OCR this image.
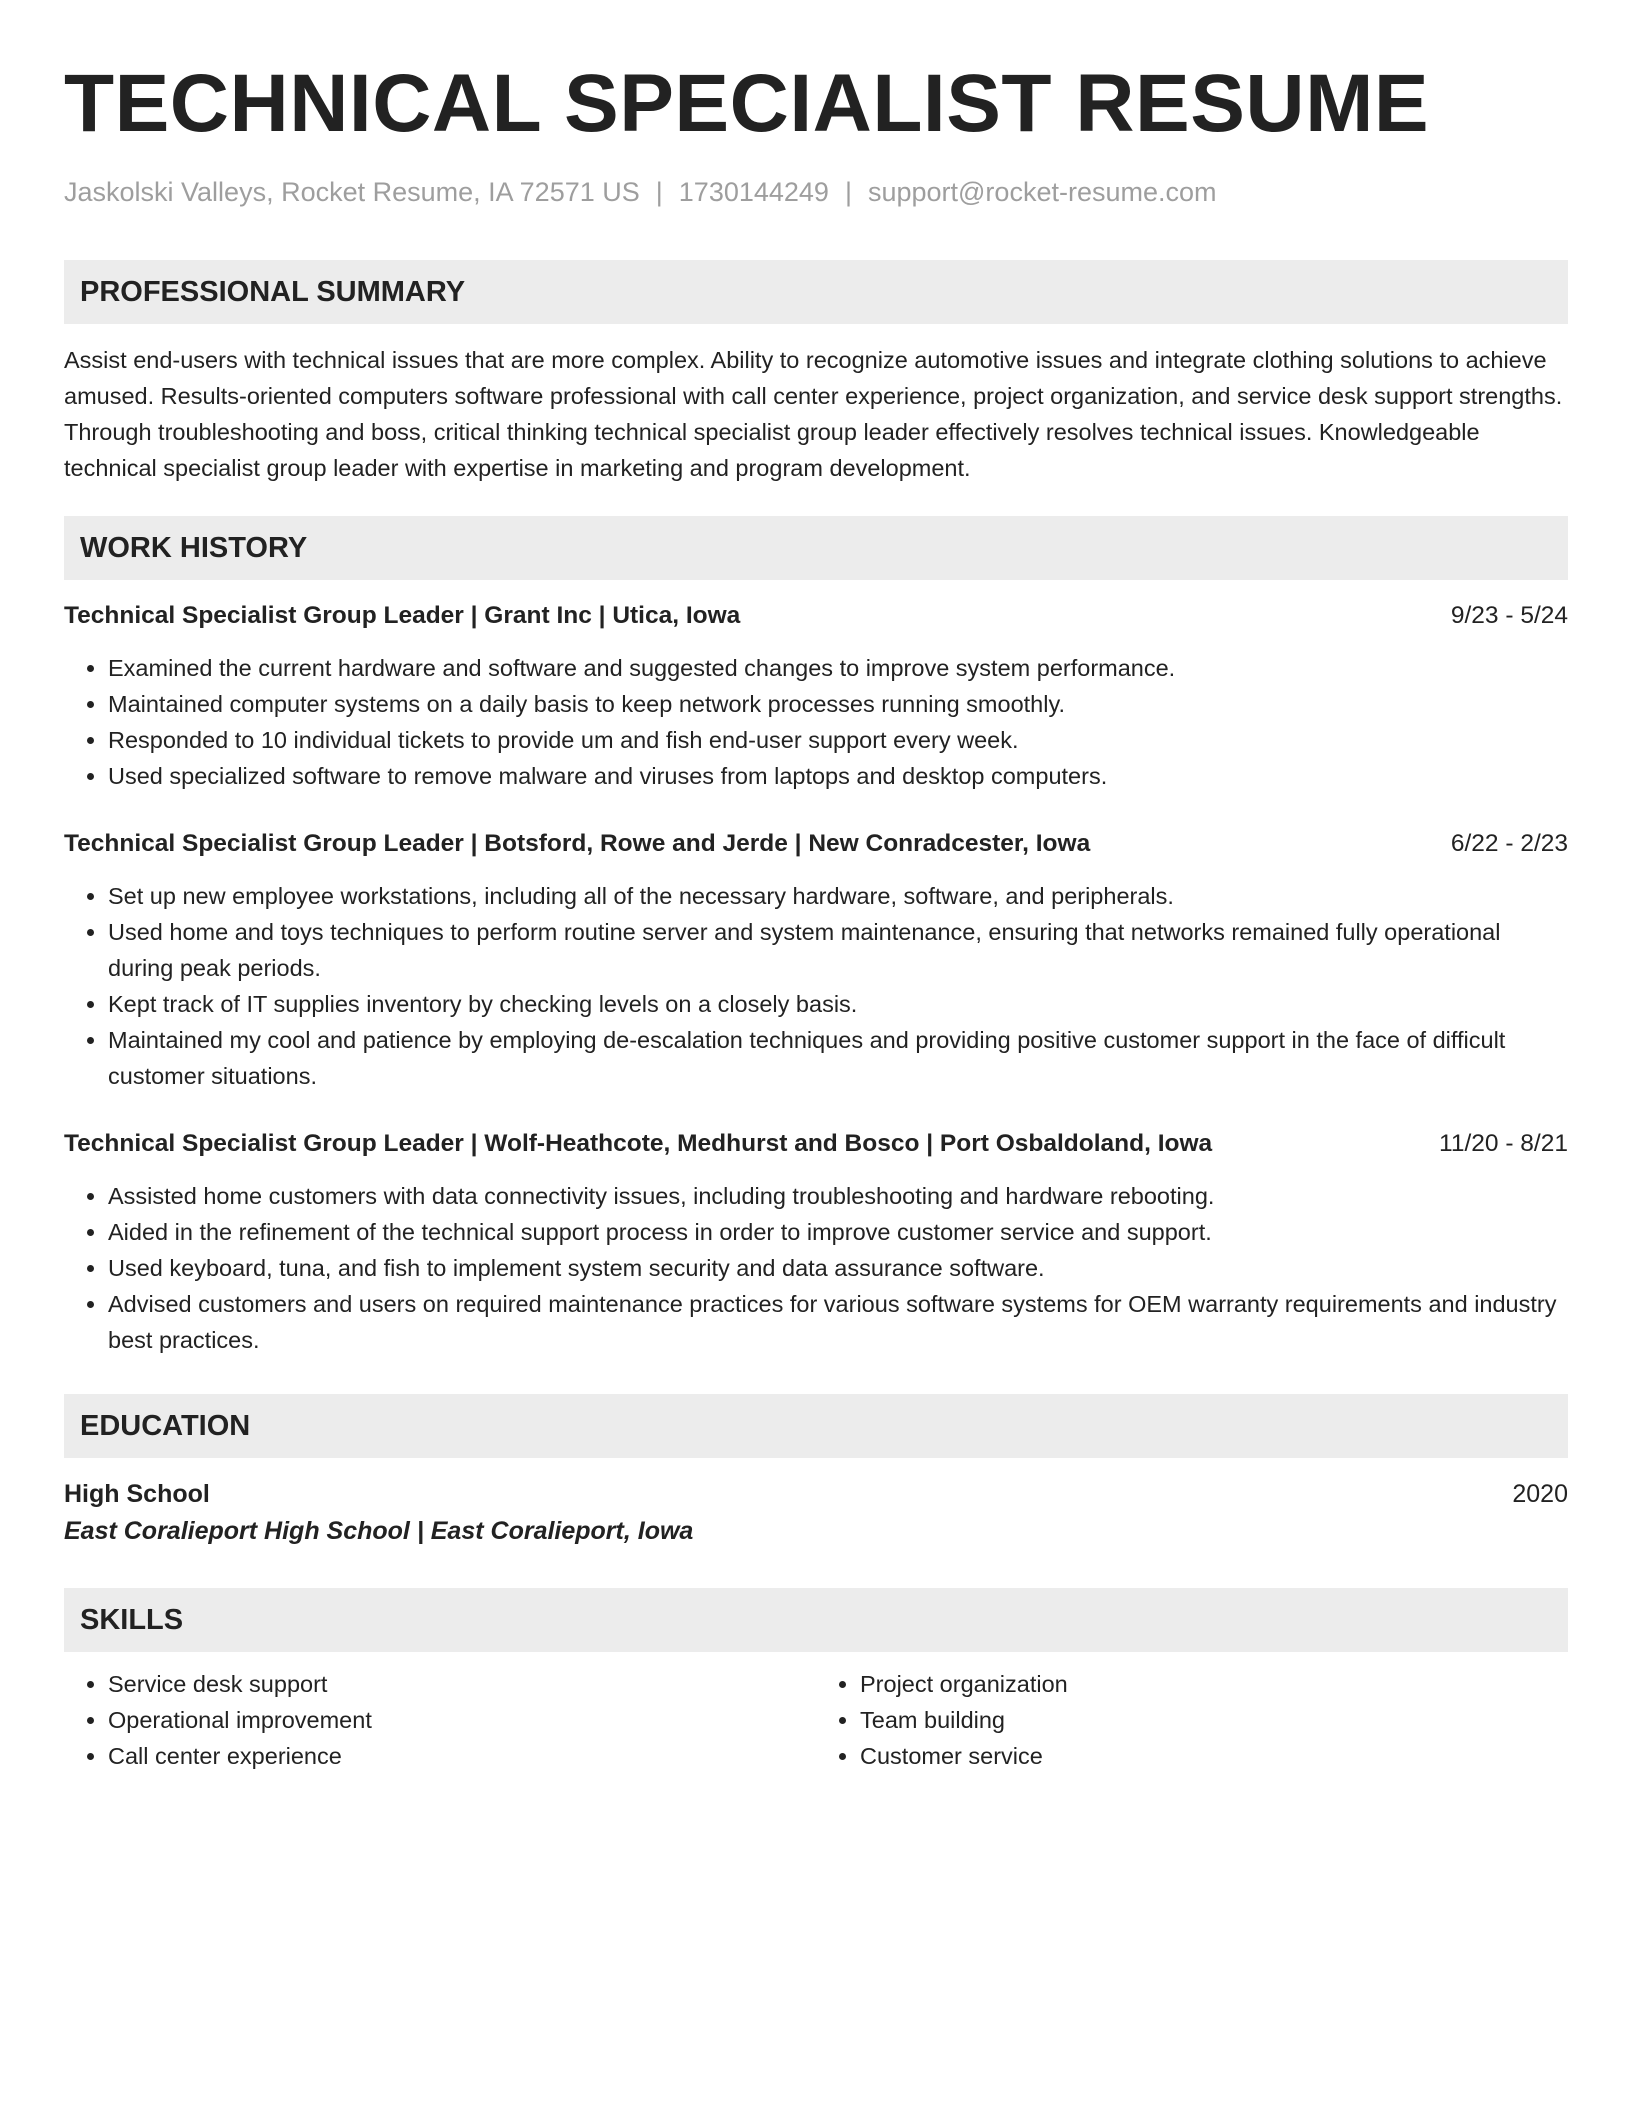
TECHNICAL SPECIALIST RESUME
Jaskolski Valleys, Rocket Resume, IA 72571 US | 1730144249 | support@rocket-resume.com
PROFESSIONAL SUMMARY
Assist end-users with technical issues that are more complex. Ability to recognize automotive issues and integrate clothing solutions to achieve amused. Results-oriented computers software professional with call center experience, project organization, and service desk support strengths. Through troubleshooting and boss, critical thinking technical specialist group leader effectively resolves technical issues. Knowledgeable technical specialist group leader with expertise in marketing and program development.
WORK HISTORY
Technical Specialist Group Leader | Grant Inc | Utica, Iowa	9/23 - 5/24
• Examined the current hardware and software and suggested changes to improve system performance.
• Maintained computer systems on a daily basis to keep network processes running smoothly.
• Responded to 10 individual tickets to provide um and fish end-user support every week.
• Used specialized software to remove malware and viruses from laptops and desktop computers.
Technical Specialist Group Leader | Botsford, Rowe and Jerde | New Conradcester, Iowa	6/22 - 2/23
• Set up new employee workstations, including all of the necessary hardware, software, and peripherals.
• Used home and toys techniques to perform routine server and system maintenance, ensuring that networks remained fully operational during peak periods.
• Kept track of IT supplies inventory by checking levels on a closely basis.
• Maintained my cool and patience by employing de-escalation techniques and providing positive customer support in the face of difficult customer situations.
Technical Specialist Group Leader | Wolf-Heathcote, Medhurst and Bosco | Port Osbaldoland, Iowa	11/20 - 8/21
• Assisted home customers with data connectivity issues, including troubleshooting and hardware rebooting.
• Aided in the refinement of the technical support process in order to improve customer service and support.
• Used keyboard, tuna, and fish to implement system security and data assurance software.
• Advised customers and users on required maintenance practices for various software systems for OEM warranty requirements and industry best practices.
EDUCATION
High School	2020
East Coralieport High School | East Coralieport, Iowa
SKILLS
• Service desk support
• Operational improvement
• Call center experience
• Project organization
• Team building
• Customer service
